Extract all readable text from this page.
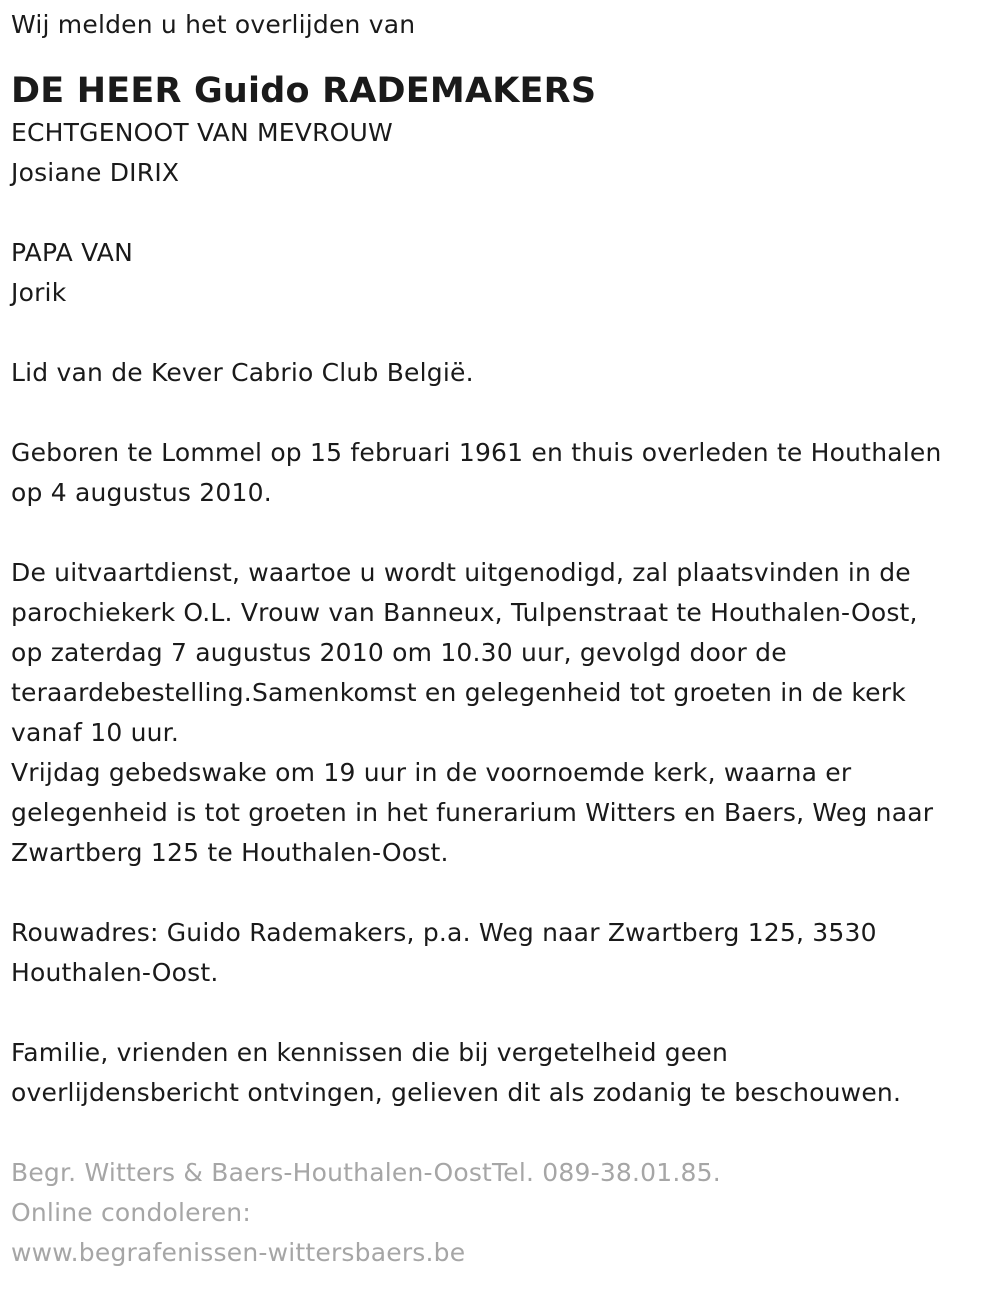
Wij melden u het overlijden van
DE HEER Guido RADEMAKERS
ECHTGENOOT VAN MEVROUW
Josiane DIRIX
PAPA VAN
Jorik
Lid van de Kever Cabrio Club België.
Geboren te Lommel op 15 februari 1961 en thuis overleden te Houthalen
op 4 augustus 2010.
De uitvaartdienst, waartoe u wordt uitgenodigd, zal plaatsvinden in de
parochiekerk O.L. Vrouw van Banneux, Tulpenstraat te Houthalen-Oost,
op zaterdag 7 augustus 2010 om 10.30 uur, gevolgd door de
teraardebestelling.Samenkomst en gelegenheid tot groeten in de kerk
vanaf 10 uur.
Vrijdag gebedswake om 19 uur in de voornoemde kerk, waarna er
gelegenheid is tot groeten in het funerarium Witters en Baers, Weg naar
Zwartberg 125 te Houthalen-Oost.
Rouwadres: Guido Rademakers, p.a. Weg naar Zwartberg 125, 3530
Houthalen-Oost.
Familie, vrienden en kennissen die bij vergetelheid geen
overlijdensbericht ontvingen, gelieven dit als zodanig te beschouwen.
Begr. Witters & Baers-Houthalen-OostTel. 089-38.01.85.
Online condoleren:
www.begrafenissen-wittersbaers.be
